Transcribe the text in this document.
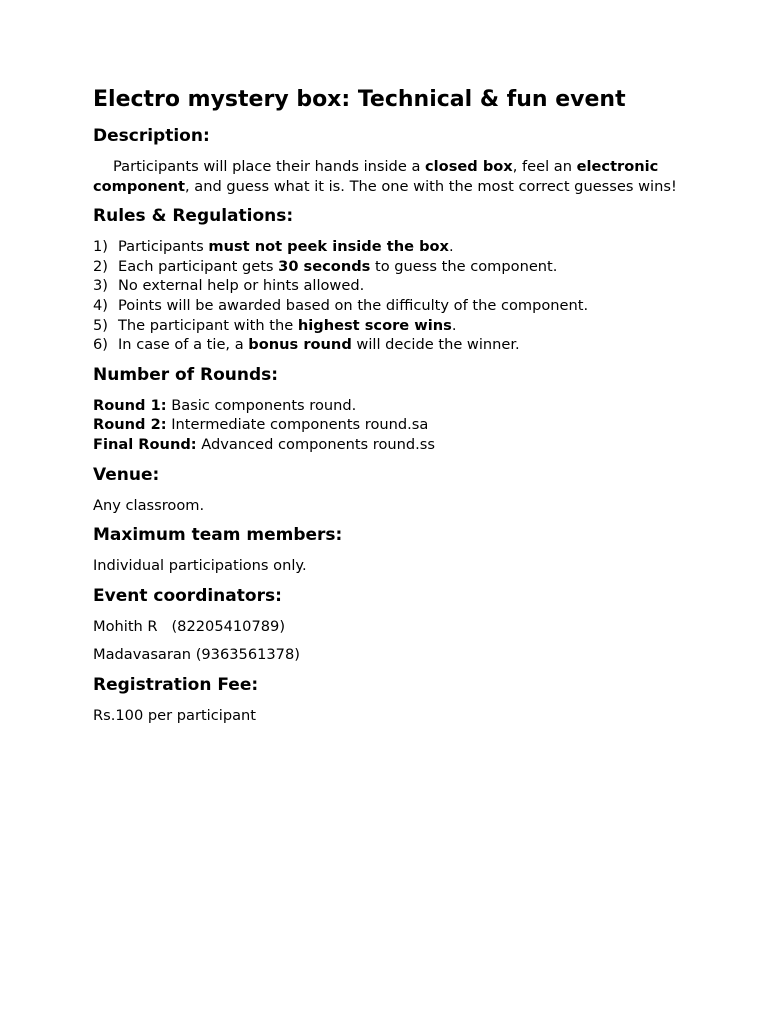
Electro mystery box: Technical & fun event
Description:

Participants will place their hands inside a closed box, feel an electronic component, and guess what it is. The one with the most correct guesses wins!

Rules & Regulations:
1) Participants must not peek inside the box.
2) Each participant gets 30 seconds to guess the component.
3) No external help or hints allowed.
4) Points will be awarded based on the difficulty of the component.
5) The participant with the highest score wins.
6) In case of a tie, a bonus round will decide the winner.
Number of Rounds:
Round 1: Basic components round.
Round 2: Intermediate components round.sa
Final Round: Advanced components round.ss
Venue:

Any classroom.

Maximum team members:

Individual participations only.

Event coordinators:

Mohith R   (82205410789)

Madavasaran (9363561378)

Registration Fee:

Rs.100 per participant
